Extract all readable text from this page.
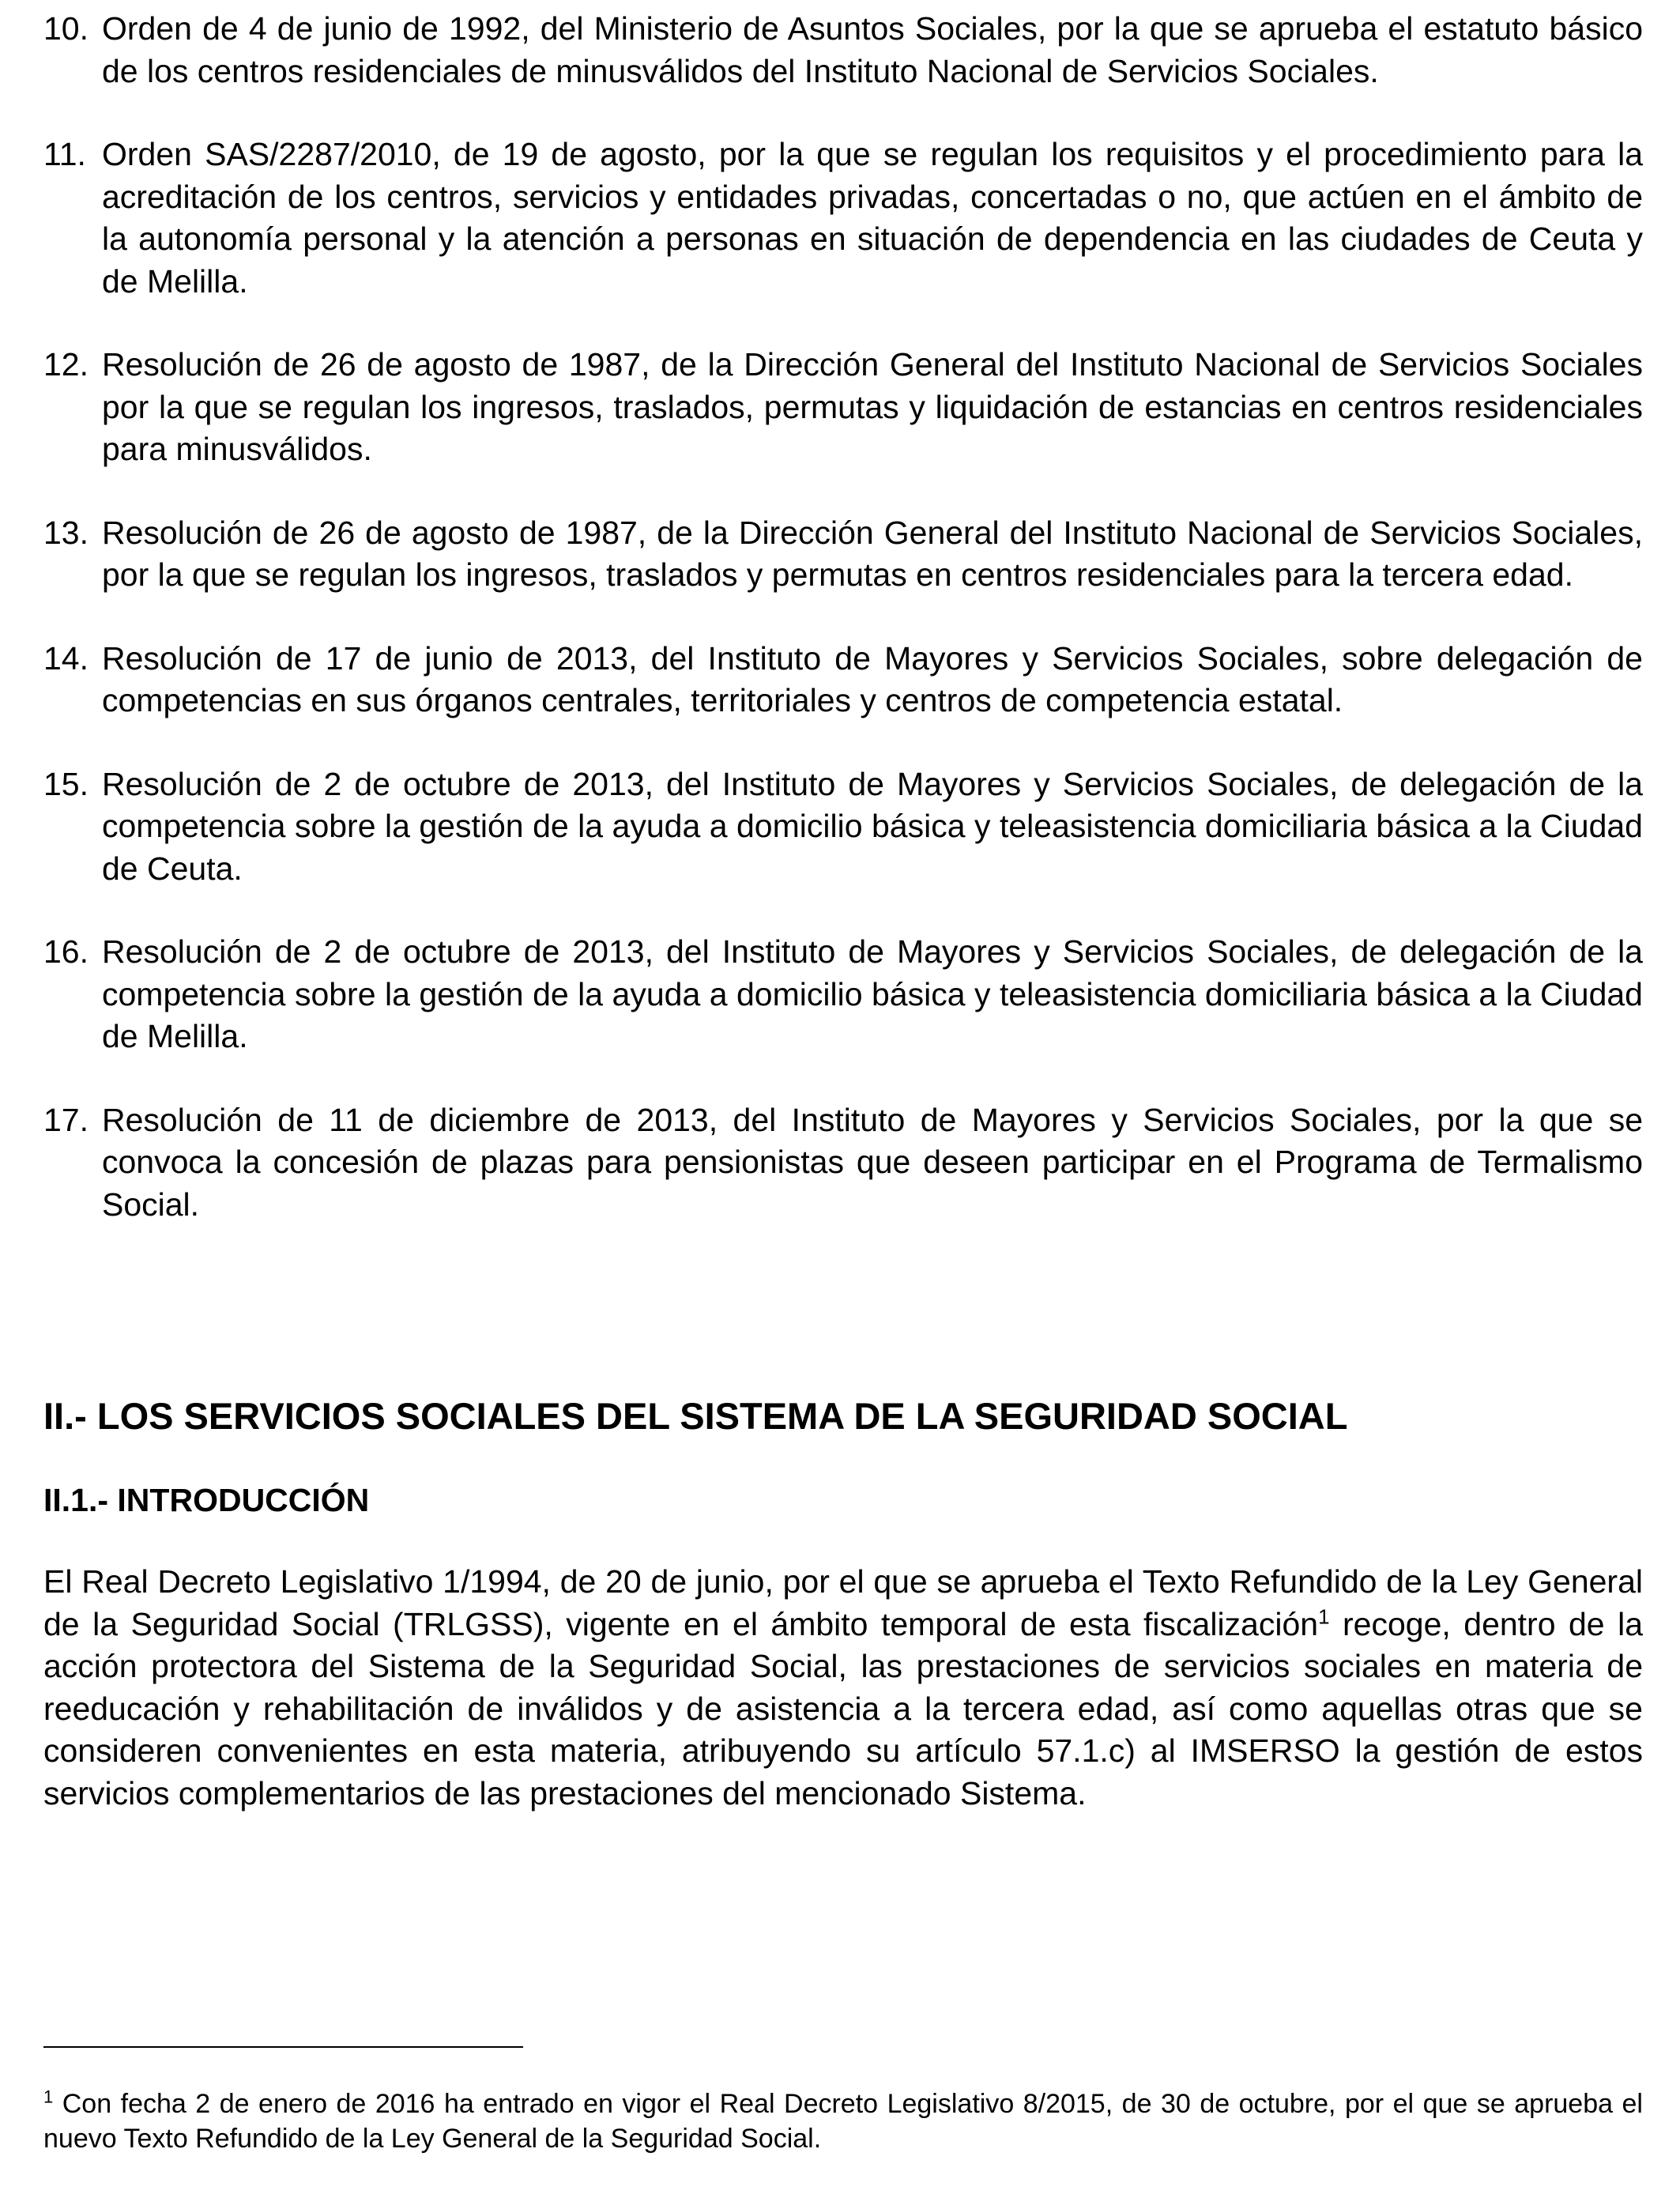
10. Orden de 4 de junio de 1992, del Ministerio de Asuntos Sociales, por la que se aprueba el estatuto básico de los centros residenciales de minusválidos del Instituto Nacional de Servicios Sociales.
11. Orden SAS/2287/2010, de 19 de agosto, por la que se regulan los requisitos y el procedimiento para la acreditación de los centros, servicios y entidades privadas, concertadas o no, que actúen en el ámbito de la autonomía personal y la atención a personas en situación de dependencia en las ciudades de Ceuta y de Melilla.
12. Resolución de 26 de agosto de 1987, de la Dirección General del Instituto Nacional de Servicios Sociales por la que se regulan los ingresos, traslados, permutas y liquidación de estancias en centros residenciales para minusválidos.
13. Resolución de 26 de agosto de 1987, de la Dirección General del Instituto Nacional de Servicios Sociales, por la que se regulan los ingresos, traslados y permutas en centros residenciales para la tercera edad.
14. Resolución de 17 de junio de 2013, del Instituto de Mayores y Servicios Sociales, sobre delegación de competencias en sus órganos centrales, territoriales y centros de competencia estatal.
15. Resolución de 2 de octubre de 2013, del Instituto de Mayores y Servicios Sociales, de delegación de la competencia sobre la gestión de la ayuda a domicilio básica y teleasistencia domiciliaria básica a la Ciudad de Ceuta.
16. Resolución de 2 de octubre de 2013, del Instituto de Mayores y Servicios Sociales, de delegación de la competencia sobre la gestión de la ayuda a domicilio básica y teleasistencia domiciliaria básica a la Ciudad de Melilla.
17. Resolución de 11 de diciembre de 2013, del Instituto de Mayores y Servicios Sociales, por la que se convoca la concesión de plazas para pensionistas que deseen participar en el Programa de Termalismo Social.
II.- LOS SERVICIOS SOCIALES DEL SISTEMA DE LA SEGURIDAD SOCIAL
II.1.- INTRODUCCIÓN

El Real Decreto Legislativo 1/1994, de 20 de junio, por el que se aprueba el Texto Refundido de la Ley General de la Seguridad Social (TRLGSS), vigente en el ámbito temporal de esta fiscalización$^1$ recoge, dentro de la acción protectora del Sistema de la Seguridad Social, las prestaciones de servicios sociales en materia de reeducación y rehabilitación de inválidos y de asistencia a la tercera edad, así como aquellas otras que se consideren convenientes en esta materia, atribuyendo su artículo 57.1.c) al IMSERSO la gestión de estos servicios complementarios de las prestaciones del mencionado Sistema.

$^1$ Con fecha 2 de enero de 2016 ha entrado en vigor el Real Decreto Legislativo 8/2015, de 30 de octubre, por el que se aprueba el nuevo Texto Refundido de la Ley General de la Seguridad Social.
